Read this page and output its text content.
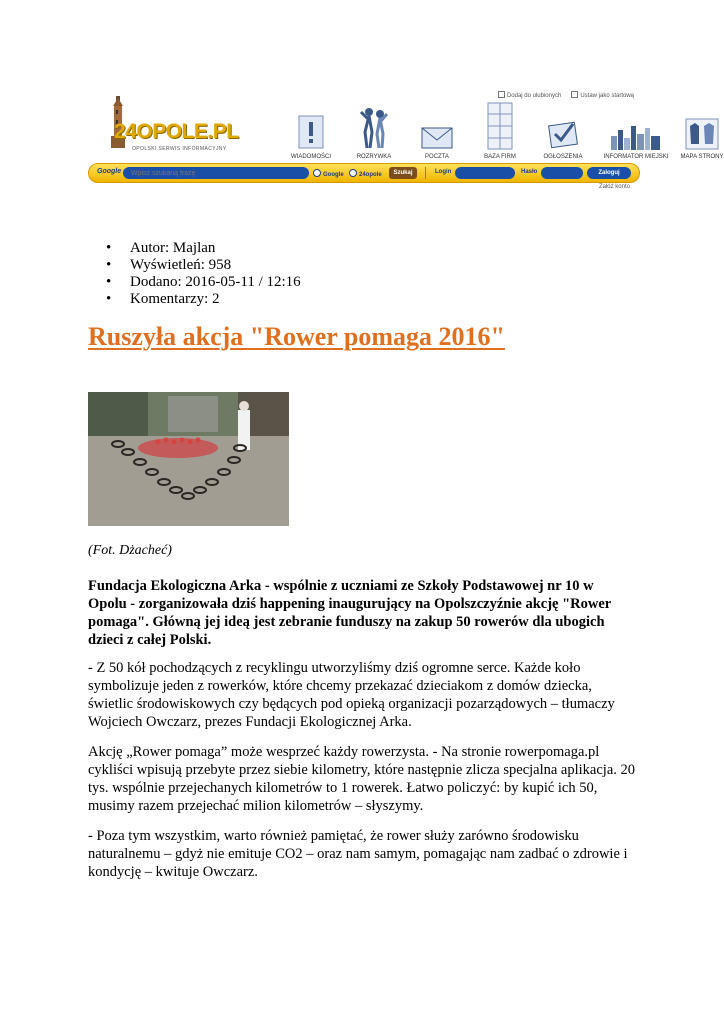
24OPOLE.PL
OPOLSKI SERWIS INFORMACYJNY
Dodaj do ulubionych	Ustaw jako startową
WIADOMOŚCI	ROZRYWKA	POCZTA	BAZA FIRM	OGŁOSZENIA	INFORMATOR MIEJSKI MAPA STRONY
Google
Wpisz szukaną frazę	Google	24opole	Szukaj	Login	Hasło	Zaloguj
Załóż konto
• Autor: Majlan
• Wyświetleń: 958
• Dodano: 2016-05-11 / 12:16
• Komentarzy: 2
Ruszyła akcja "Rower pomaga 2016"

(Fot. Dżacheć)

Fundacja Ekologiczna Arka - wspólnie z uczniami ze Szkoły Podstawowej nr 10 w
Opolu - zorganizowała dziś happening inaugurujący na Opolszczyźnie akcję "Rower
pomaga". Główną jej ideą jest zebranie funduszy na zakup 50 rowerów dla ubogich
dzieci z całej Polski.

- Z 50 kół pochodzących z recyklingu utworzyliśmy dziś ogromne serce. Każde koło
symbolizuje jeden z rowerków, które chcemy przekazać dzieciakom z domów dziecka,
świetlic środowiskowych czy będących pod opieką organizacji pozarządowych – tłumaczy
Wojciech Owczarz, prezes Fundacji Ekologicznej Arka.

Akcję „Rower pomaga” może wesprzeć każdy rowerzysta. - Na stronie rowerpomaga.pl
cykliści wpisują przebyte przez siebie kilometry, które następnie zlicza specjalna aplikacja. 20
tys. wspólnie przejechanych kilometrów to 1 rowerek. Łatwo policzyć: by kupić ich 50,
musimy razem przejechać milion kilometrów – słyszymy.

- Poza tym wszystkim, warto również pamiętać, że rower służy zarówno środowisku
naturalnemu – gdyż nie emituje CO2 – oraz nam samym, pomagając nam zadbać o zdrowie i
kondycję – kwituje Owczarz.
